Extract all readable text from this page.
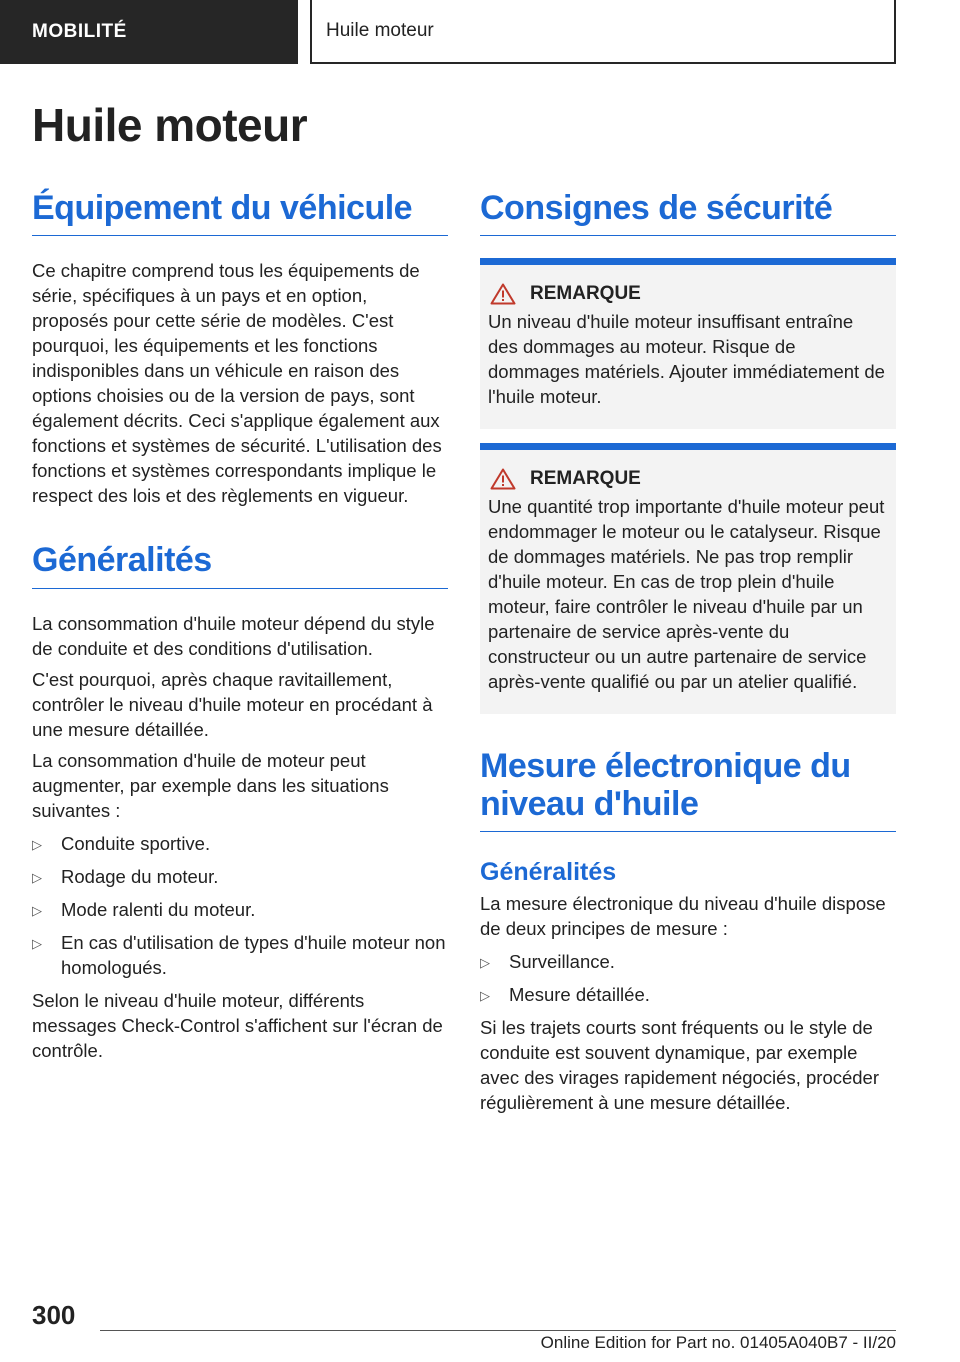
MOBILITÉ	Huile moteur
Huile moteur
Équipement du véhicule

Ce chapitre comprend tous les équipements de série, spécifiques à un pays et en option, proposés pour cette série de modèles. C'est pourquoi, les équipements et les fonctions indisponibles dans un véhicule en raison des options choisies ou de la version de pays, sont également décrits. Ceci s'applique également aux fonctions et systèmes de sécurité. L'utilisation des fonctions et systèmes correspondants implique le respect des lois et des règlements en vigueur.

Généralités

La consommation d'huile moteur dépend du style de conduite et des conditions d'utilisation.

C'est pourquoi, après chaque ravitaillement, contrôler le niveau d'huile moteur en procédant à une mesure détaillée.

La consommation d'huile de moteur peut augmenter, par exemple dans les situations suivantes :

▷ Conduite sportive.
▷ Rodage du moteur.
▷ Mode ralenti du moteur.
▷ En cas d'utilisation de types d'huile moteur non homologués.

Selon le niveau d'huile moteur, différents messages Check-Control s'affichent sur l'écran de contrôle.

Consignes de sécurité
REMARQUE

Un niveau d'huile moteur insuffisant entraîne des dommages au moteur. Risque de dommages matériels. Ajouter immédiatement de l'huile moteur.

REMARQUE

Une quantité trop importante d'huile moteur peut endommager le moteur ou le catalyseur. Risque de dommages matériels. Ne pas trop remplir d'huile moteur. En cas de trop plein d'huile moteur, faire contrôler le niveau d'huile par un partenaire de service après-vente du constructeur ou un autre partenaire de service après-vente qualifié ou par un atelier qualifié.

Mesure électronique du niveau d'huile
Généralités

La mesure électronique du niveau d'huile dispose de deux principes de mesure :

▷ Surveillance.
▷ Mesure détaillée.

Si les trajets courts sont fréquents ou le style de conduite est souvent dynamique, par exemple avec des virages rapidement négociés, procéder régulièrement à une mesure détaillée.

300
Online Edition for Part no. 01405A040B7 - II/20
